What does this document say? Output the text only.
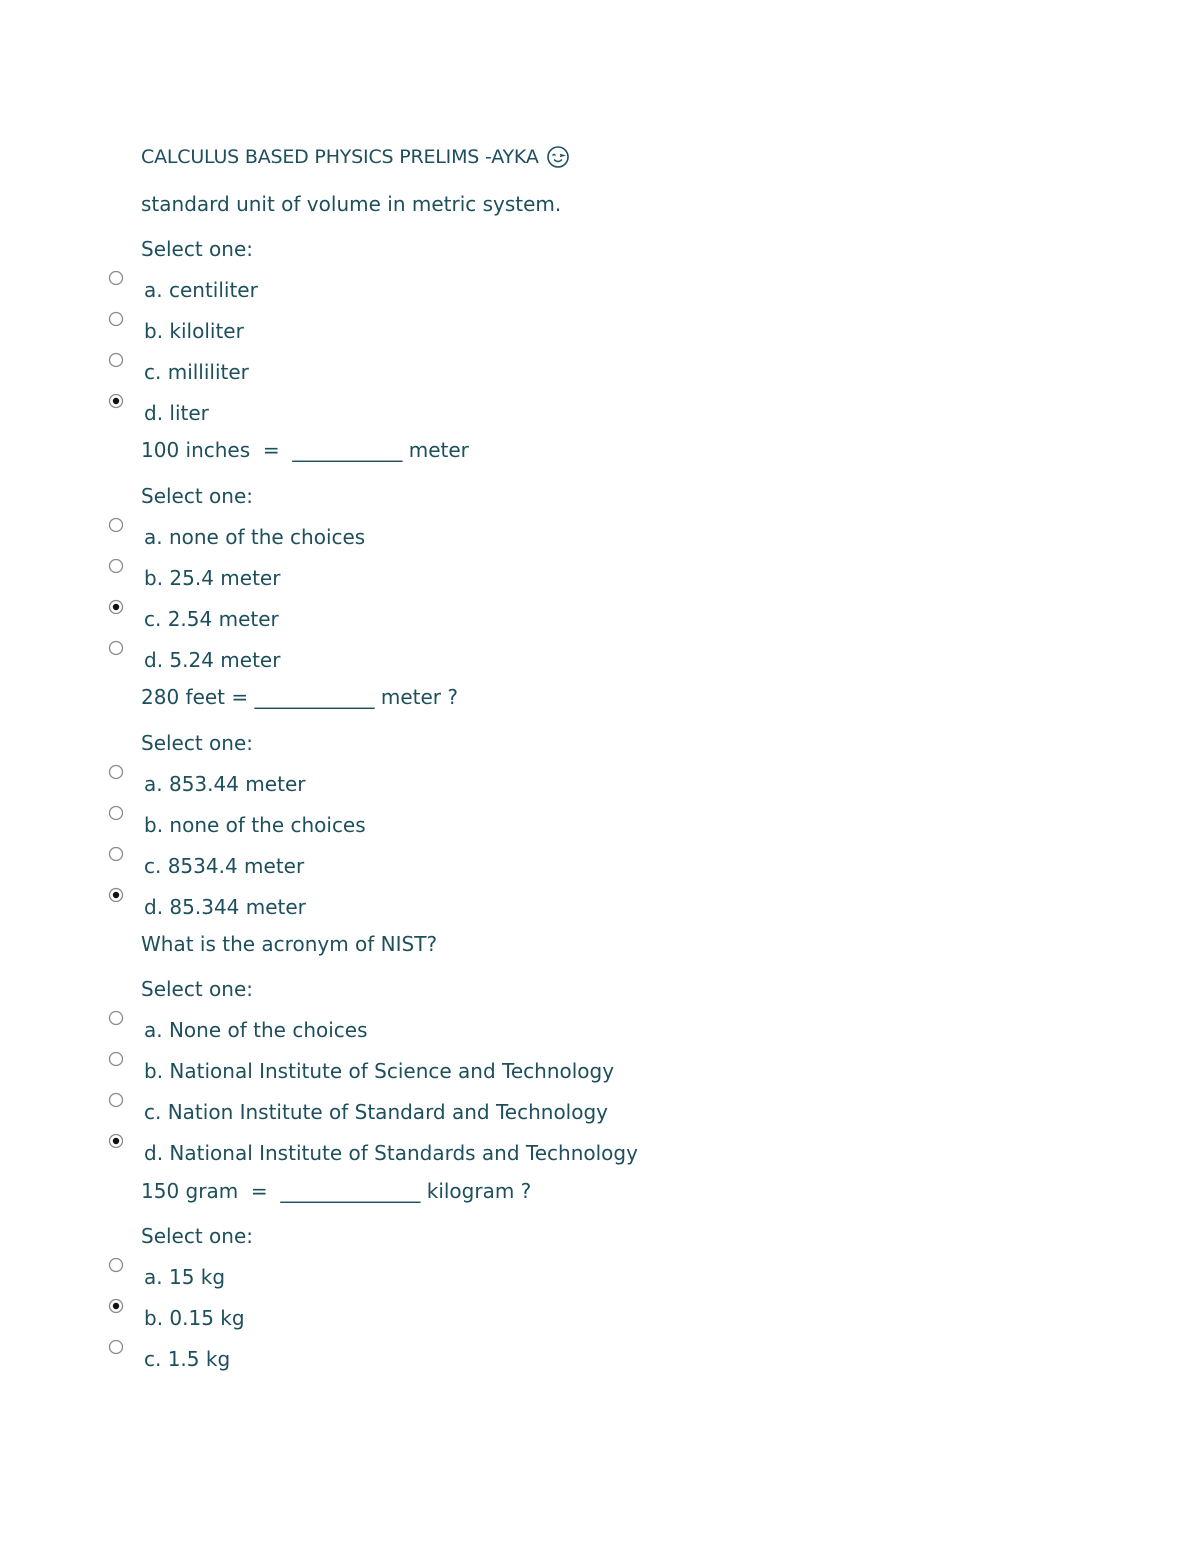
CALCULUS BASED PHYSICS PRELIMS -AYKA
standard unit of volume in metric system.
Select one:
a. centiliter
b. kiloliter
c. milliliter
d. liter
100 inches  =  ___________ meter
Select one:
a. none of the choices
b. 25.4 meter
c. 2.54 meter
d. 5.24 meter
280 feet = ____________ meter ?
Select one:
a. 853.44 meter
b. none of the choices
c. 8534.4 meter
d. 85.344 meter
What is the acronym of NIST?
Select one:
a. None of the choices
b. National Institute of Science and Technology
c. Nation Institute of Standard and Technology
d. National Institute of Standards and Technology
150 gram  =  ______________ kilogram ?
Select one:
a. 15 kg
b. 0.15 kg
c. 1.5 kg
